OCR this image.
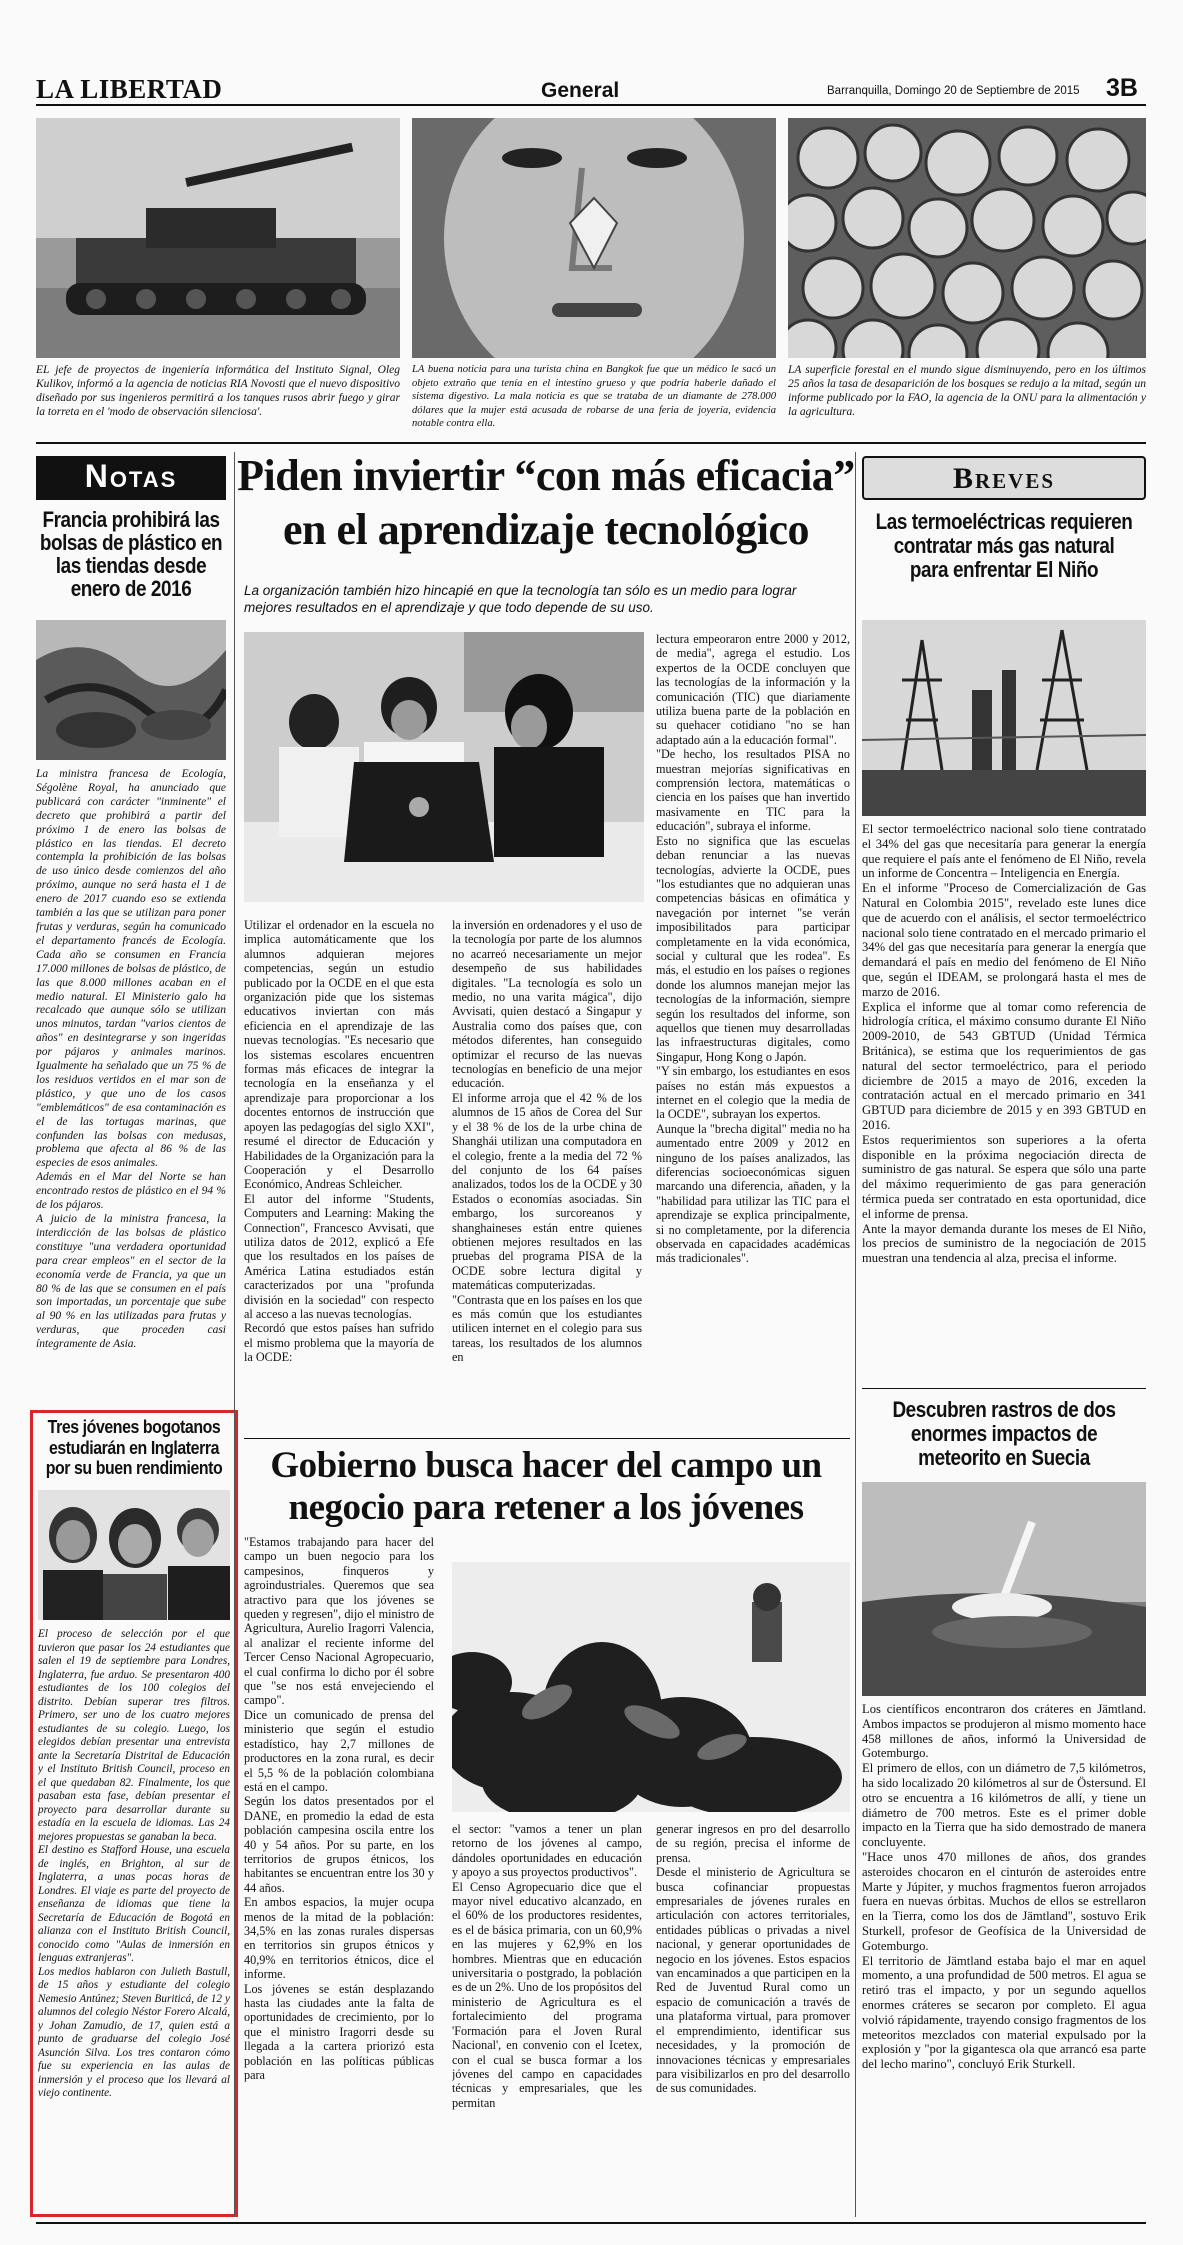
LA LIBERTAD	General	Barranquilla, Domingo 20 de Septiembre de 2015 3B
EL jefe de proyectos de ingeniería informática del Instituto Signal, Oleg Kulikov, informó a la agencia de noticias RIA Novosti que el nuevo dispositivo diseñado por sus ingenieros permitirá a los tanques rusos abrir fuego y girar la torreta en el 'modo de observación silenciosa'.
LA buena noticia para una turista china en Bangkok fue que un médico le sacó un objeto extraño que tenía en el intestino grueso y que podría haberle dañado el sistema digestivo. La mala noticia es que se trataba de un diamante de 278.000 dólares que la mujer está acusada de robarse de una feria de joyería, evidencia notable contra ella.
LA superficie forestal en el mundo sigue disminuyendo, pero en los últimos 25 años la tasa de desaparición de los bosques se redujo a la mitad, según un informe publicado por la FAO, la agencia de la ONU para la alimentación y la agricultura.
Notas
Francia prohibirá las bolsas de plástico en las tiendas desde enero de 2016
La ministra francesa de Ecología, Ségolène Royal, ha anunciado que publicará con carácter "inminente" el decreto que prohibirá a partir del próximo 1 de enero las bolsas de plástico en las tiendas. El decreto contempla la prohibición de las bolsas de uso único desde comienzos del año próximo, aunque no será hasta el 1 de enero de 2017 cuando eso se extienda también a las que se utilizan para poner frutas y verduras, según ha comunicado el departamento francés de Ecología. Cada año se consumen en Francia 17.000 millones de bolsas de plástico, de las que 8.000 millones acaban en el medio natural. El Ministerio galo ha recalcado que aunque sólo se utilizan unos minutos, tardan "varios cientos de años" en desintegrarse y son ingeridas por pájaros y animales marinos. Igualmente ha señalado que un 75 % de los residuos vertidos en el mar son de plástico, y que uno de los casos "emblemáticos" de esa contaminación es el de las tortugas marinas, que confunden las bolsas con medusas, problema que afecta al 86 % de las especies de esos animales.
Además en el Mar del Norte se han encontrado restos de plástico en el 94 % de los pájaros.
A juicio de la ministra francesa, la interdicción de las bolsas de plástico constituye "una verdadera oportunidad para crear empleos" en el sector de la economía verde de Francia, ya que un 80 % de las que se consumen en el país son importadas, un porcentaje que sube al 90 % en las utilizadas para frutas y verduras, que proceden casi íntegramente de Asia.
Tres jóvenes bogotanos estudiarán en Inglaterra por su buen rendimiento
El proceso de selección por el que tuvieron que pasar los 24 estudiantes que salen el 19 de septiembre para Londres, Inglaterra, fue arduo. Se presentaron 400 estudiantes de los 100 colegios del distrito. Debían superar tres filtros. Primero, ser uno de los cuatro mejores estudiantes de su colegio. Luego, los elegidos debían presentar una entrevista ante la Secretaría Distrital de Educación y el Instituto British Council, proceso en el que quedaban 82. Finalmente, los que pasaban esta fase, debían presentar el proyecto para desarrollar durante su estadía en la escuela de idiomas. Las 24 mejores propuestas se ganaban la beca.
El destino es Stafford House, una escuela de inglés, en Brighton, al sur de Inglaterra, a unas pocas horas de Londres. El viaje es parte del proyecto de enseñanza de idiomas que tiene la Secretaría de Educación de Bogotá en alianza con el Instituto British Council, conocido como "Aulas de inmersión en lenguas extranjeras".
Los medios hablaron con Julieth Bastull, de 15 años y estudiante del colegio Nemesio Antúnez; Steven Buriticá, de 12 y alumnos del colegio Néstor Forero Alcalá, y Johan Zamudio, de 17, quien está a punto de graduarse del colegio José Asunción Silva. Los tres contaron cómo fue su experiencia en las aulas de inmersión y el proceso que los llevará al viejo continente.
Piden inviertir “con más eficacia”
en el aprendizaje tecnológico
La organización también hizo hincapié en que la tecnología tan sólo es un medio para lograr mejores resultados en el aprendizaje y que todo depende de su uso.
Utilizar el ordenador en la escuela no implica automáticamente que los alumnos adquieran mejores competencias, según un estudio publicado por la OCDE en el que esta organización pide que los sistemas educativos inviertan con más eficiencia en el aprendizaje de las nuevas tecnologías. "Es necesario que los sistemas escolares encuentren formas más eficaces de integrar la tecnología en la enseñanza y el aprendizaje para proporcionar a los docentes entornos de instrucción que apoyen las pedagogías del siglo XXI", resumé el director de Educación y Habilidades de la Organización para la Cooperación y el Desarrollo Económico, Andreas Schleicher.
El autor del informe "Students, Computers and Learning: Making the Connection", Francesco Avvisati, que utiliza datos de 2012, explicó a Efe que los resultados en los países de América Latina estudiados están caracterizados por una "profunda división en la sociedad" con respecto al acceso a las nuevas tecnologías.
Recordó que estos países han sufrido el mismo problema que la mayoría de la OCDE:
la inversión en ordenadores y el uso de la tecnología por parte de los alumnos no acarreó necesariamente un mejor desempeño de sus habilidades digitales. "La tecnología es solo un medio, no una varita mágica", dijo Avvisati, quien destacó a Singapur y Australia como dos países que, con métodos diferentes, han conseguido optimizar el recurso de las nuevas tecnologías en beneficio de una mejor educación.
El informe arroja que el 42 % de los alumnos de 15 años de Corea del Sur y el 38 % de los de la urbe china de Shanghái utilizan una computadora en el colegio, frente a la media del 72 % del conjunto de los 64 países analizados, todos los de la OCDE y 30 Estados o economías asociadas. Sin embargo, los surcoreanos y shanghaineses están entre quienes obtienen mejores resultados en las pruebas del programa PISA de la OCDE sobre lectura digital y matemáticas computerizadas.
"Contrasta que en los países en los que es más común que los estudiantes utilicen internet en el colegio para sus tareas, los resultados de los alumnos en
lectura empeoraron entre 2000 y 2012, de media", agrega el estudio. Los expertos de la OCDE concluyen que las tecnologías de la información y la comunicación (TIC) que diariamente utiliza buena parte de la población en su quehacer cotidiano "no se han adaptado aún a la educación formal".
"De hecho, los resultados PISA no muestran mejorías significativas en comprensión lectora, matemáticas o ciencia en los países que han invertido masivamente en TIC para la educación", subraya el informe.
Esto no significa que las escuelas deban renunciar a las nuevas tecnologías, advierte la OCDE, pues "los estudiantes que no adquieran unas competencias básicas en ofimática y navegación por internet "se verán imposibilitados para participar completamente en la vida económica, social y cultural que les rodea". Es más, el estudio en los países o regiones donde los alumnos manejan mejor las tecnologías de la información, siempre según los resultados del informe, son aquellos que tienen muy desarrolladas las infraestructuras digitales, como Singapur, Hong Kong o Japón.
"Y sin embargo, los estudiantes en esos países no están más expuestos a internet en el colegio que la media de la OCDE", subrayan los expertos.
Aunque la "brecha digital" media no ha aumentado entre 2009 y 2012 en ninguno de los países analizados, las diferencias socioeconómicas siguen marcando una diferencia, añaden, y la "habilidad para utilizar las TIC para el aprendizaje se explica principalmente, si no completamente, por la diferencia observada en capacidades académicas más tradicionales".
Gobierno busca hacer del campo un
negocio para retener a los jóvenes
"Estamos trabajando para hacer del campo un buen negocio para los campesinos, finqueros y agroindustriales. Queremos que sea atractivo para que los jóvenes se queden y regresen", dijo el ministro de Agricultura, Aurelio Iragorri Valencia, al analizar el reciente informe del Tercer Censo Nacional Agropecuario, el cual confirma lo dicho por él sobre que "se nos está envejeciendo el campo".
Dice un comunicado de prensa del ministerio que según el estudio estadístico, hay 2,7 millones de productores en la zona rural, es decir el 5,5 % de la población colombiana está en el campo.
Según los datos presentados por el DANE, en promedio la edad de esta población campesina oscila entre los 40 y 54 años. Por su parte, en los territorios de grupos étnicos, los habitantes se encuentran entre los 30 y 44 años.
En ambos espacios, la mujer ocupa menos de la mitad de la población: 34,5% en las zonas rurales dispersas en territorios sin grupos étnicos y 40,9% en territorios étnicos, dice el informe.
Los jóvenes se están desplazando hasta las ciudades ante la falta de oportunidades de crecimiento, por lo que el ministro Iragorri desde su llegada a la cartera priorizó esta población en las políticas públicas para
el sector: "vamos a tener un plan retorno de los jóvenes al campo, dándoles oportunidades en educación y apoyo a sus proyectos productivos".
El Censo Agropecuario dice que el mayor nivel educativo alcanzado, en el 60% de los productores residentes, es el de básica primaria, con un 60,9% en las mujeres y 62,9% en los hombres. Mientras que en educación universitaria o postgrado, la población es de un 2%. Uno de los propósitos del ministerio de Agricultura es el fortalecimiento del programa 'Formación para el Joven Rural Nacional', en convenio con el Icetex, con el cual se busca formar a los jóvenes del campo en capacidades técnicas y empresariales, que les permitan
generar ingresos en pro del desarrollo de su región, precisa el informe de prensa.
Desde el ministerio de Agricultura se busca cofinanciar propuestas empresariales de jóvenes rurales en articulación con actores territoriales, entidades públicas o privadas a nivel nacional, y generar oportunidades de negocio en los jóvenes. Estos espacios van encaminados a que participen en la Red de Juventud Rural como un espacio de comunicación a través de una plataforma virtual, para promover el emprendimiento, identificar sus necesidades, y la promoción de innovaciones técnicas y empresariales para visibilizarlos en pro del desarrollo de sus comunidades.
Breves
Las termoeléctricas requieren contratar más gas natural para enfrentar El Niño
El sector termoeléctrico nacional solo tiene contratado el 34% del gas que necesitaría para generar la energía que requiere el país ante el fenómeno de El Niño, revela un informe de Concentra – Inteligencia en Energía.
En el informe "Proceso de Comercialización de Gas Natural en Colombia 2015", revelado este lunes dice que de acuerdo con el análisis, el sector termoeléctrico nacional solo tiene contratado en el mercado primario el 34% del gas que necesitaría para generar la energía que demandará el país en medio del fenómeno de El Niño que, según el IDEAM, se prolongará hasta el mes de marzo de 2016.
Explica el informe que al tomar como referencia de hidrología crítica, el máximo consumo durante El Niño 2009-2010, de 543 GBTUD (Unidad Térmica Británica), se estima que los requerimientos de gas natural del sector termoeléctrico, para el periodo diciembre de 2015 a mayo de 2016, exceden la contratación actual en el mercado primario en 341 GBTUD para diciembre de 2015 y en 393 GBTUD en 2016.
Estos requerimientos son superiores a la oferta disponible en la próxima negociación directa de suministro de gas natural. Se espera que sólo una parte del máximo requerimiento de gas para generación térmica pueda ser contratado en esta oportunidad, dice el informe de prensa.
Ante la mayor demanda durante los meses de El Niño, los precios de suministro de la negociación de 2015 muestran una tendencia al alza, precisa el informe.
Descubren rastros de dos enormes impactos de meteorito en Suecia
Los científicos encontraron dos cráteres en Jämtland. Ambos impactos se produjeron al mismo momento hace 458 millones de años, informó la Universidad de Gotemburgo.
El primero de ellos, con un diámetro de 7,5 kilómetros, ha sido localizado 20 kilómetros al sur de Östersund. El otro se encuentra a 16 kilómetros de allí, y tiene un diámetro de 700 metros. Este es el primer doble impacto en la Tierra que ha sido demostrado de manera concluyente.
"Hace unos 470 millones de años, dos grandes asteroides chocaron en el cinturón de asteroides entre Marte y Júpiter, y muchos fragmentos fueron arrojados fuera en nuevas órbitas. Muchos de ellos se estrellaron en la Tierra, como los dos de Jämtland", sostuvo Erik Sturkell, profesor de Geofísica de la Universidad de Gotemburgo.
El territorio de Jämtland estaba bajo el mar en aquel momento, a una profundidad de 500 metros. El agua se retiró tras el impacto, y por un segundo aquellos enormes cráteres se secaron por completo. El agua volvió rápidamente, trayendo consigo fragmentos de los meteoritos mezclados con material expulsado por la explosión y "por la gigantesca ola que arrancó esa parte del lecho marino", concluyó Erik Sturkell.
